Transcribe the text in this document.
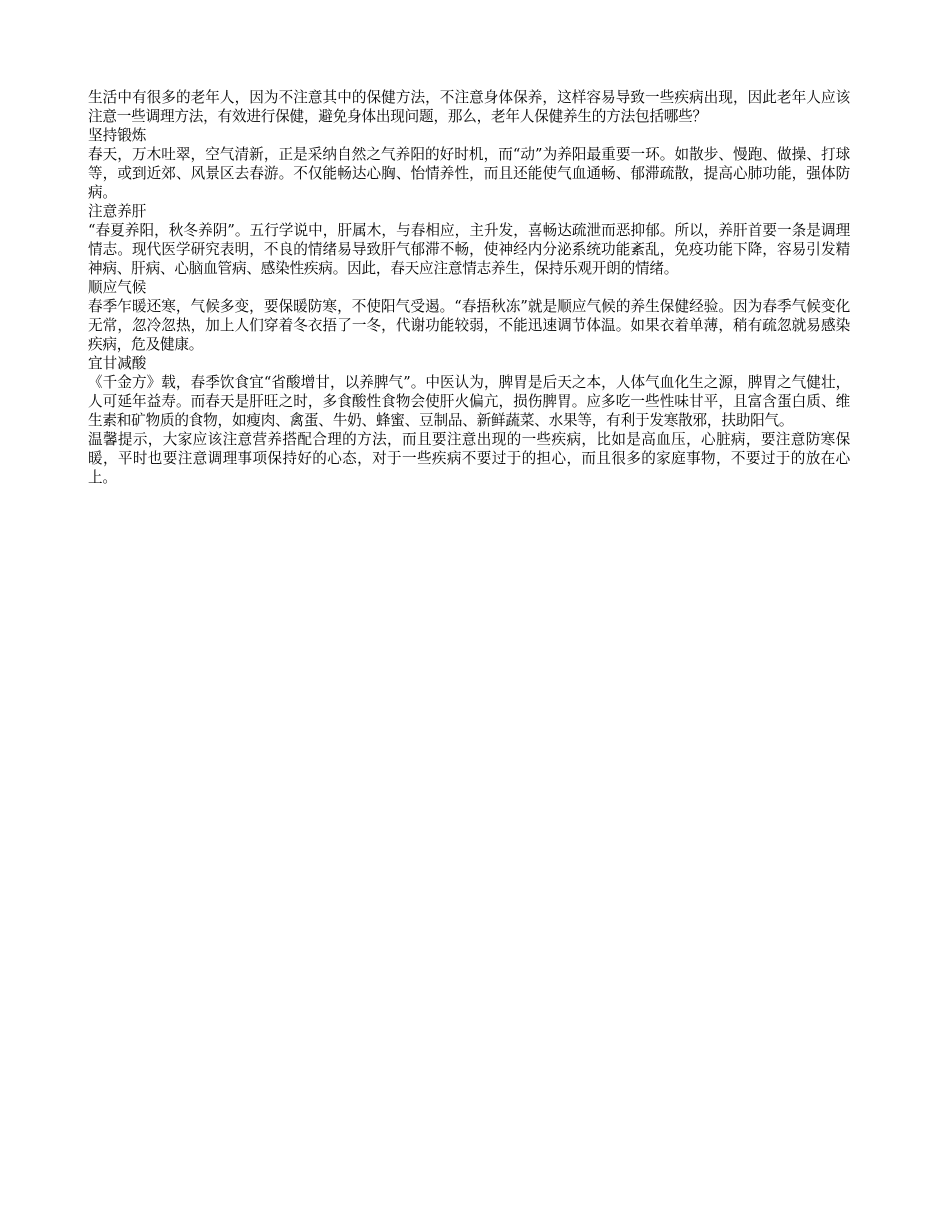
生活中有很多的老年人，因为不注意其中的保健方法，不注意身体保养，这样容易导致一些疾病出现，因此老年人应该注意一些调理方法，有效进行保健，避免身体出现问题，那么，老年人保健养生的方法包括哪些？

坚持锻炼

春天，万木吐翠，空气清新，正是采纳自然之气养阳的好时机，而“动”为养阳最重要一环。如散步、慢跑、做操、打球等，或到近郊、风景区去春游。不仅能畅达心胸、怡情养性，而且还能使气血通畅、郁滞疏散，提高心肺功能，强体防病。

注意养肝

“春夏养阳，秋冬养阴”。五行学说中，肝属木，与春相应，主升发，喜畅达疏泄而恶抑郁。所以，养肝首要一条是调理情志。现代医学研究表明，不良的情绪易导致肝气郁滞不畅，使神经内分泌系统功能紊乱，免疫功能下降，容易引发精神病、肝病、心脑血管病、感染性疾病。因此，春天应注意情志养生，保持乐观开朗的情绪。

顺应气候

春季乍暖还寒，气候多变，要保暖防寒，不使阳气受遏。“春捂秋冻”就是顺应气候的养生保健经验。因为春季气候变化无常，忽冷忽热，加上人们穿着冬衣捂了一冬，代谢功能较弱，不能迅速调节体温。如果衣着单薄，稍有疏忽就易感染疾病，危及健康。

宜甘减酸

《千金方》载，春季饮食宜“省酸增甘，以养脾气”。中医认为，脾胃是后天之本，人体气血化生之源，脾胃之气健壮，人可延年益寿。而春天是肝旺之时，多食酸性食物会使肝火偏亢，损伤脾胃。应多吃一些性味甘平，且富含蛋白质、维生素和矿物质的食物，如瘦肉、禽蛋、牛奶、蜂蜜、豆制品、新鲜蔬菜、水果等，有利于发寒散邪，扶助阳气。

温馨提示，大家应该注意营养搭配合理的方法，而且要注意出现的一些疾病，比如是高血压，心脏病，要注意防寒保暖，平时也要注意调理事项保持好的心态，对于一些疾病不要过于的担心，而且很多的家庭事物，不要过于的放在心上。
